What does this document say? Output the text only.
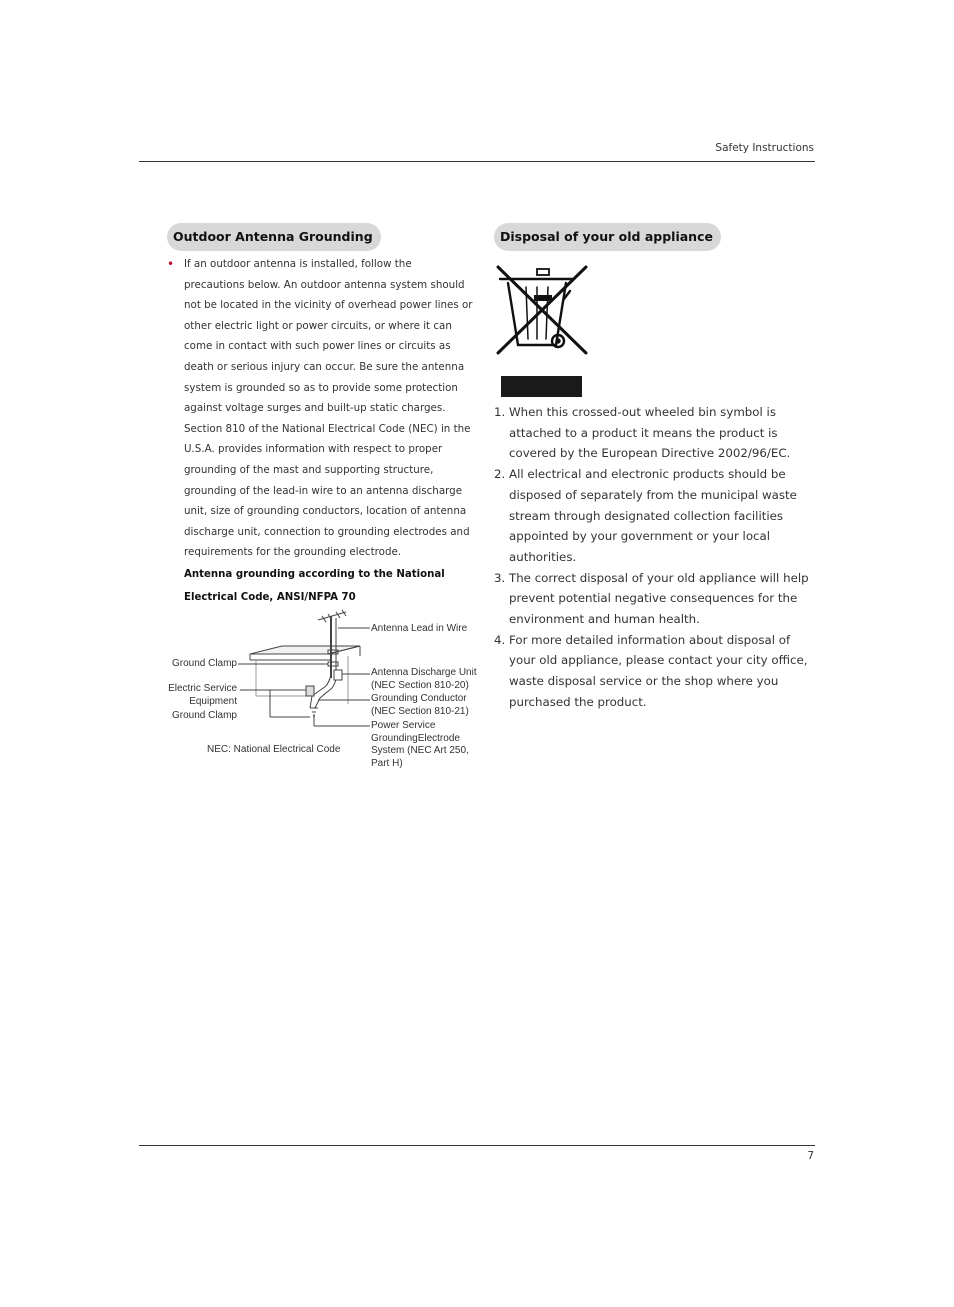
Safety Instructions
Outdoor Antenna Grounding
• If an outdoor antenna is installed, follow the precautions below. An outdoor antenna system should not be located in the vicinity of overhead power lines or other electric light or power circuits, or where it can come in contact with such power lines or circuits as death or serious injury can occur. Be sure the antenna system is grounded so as to provide some protection against voltage surges and built-up static charges. Section 810 of the National Electrical Code (NEC) in the U.S.A. provides information with respect to proper grounding of the mast and supporting structure, grounding of the lead-in wire to an antenna discharge unit, size of grounding conductors, location of antenna discharge unit, connection to grounding electrodes and requirements for the grounding electrode.
Antenna grounding according to the National Electrical Code, ANSI/NFPA 70
Ground Clamp
Electric Service
Equipment
Ground Clamp
NEC: National Electrical Code
Antenna Lead in Wire
Antenna Discharge Unit
(NEC Section 810-20)
Grounding Conductor
(NEC Section 810-21)
Power Service
GroundingElectrode
System (NEC Art 250,
Part H)
Disposal of your old appliance
1. When this crossed-out wheeled bin symbol is attached to a product it means the product is covered by the European Directive 2002/96/EC.
2. All electrical and electronic products should be disposed of separately from the municipal waste stream through designated collection facilities appointed by your government or your local authorities.
3. The correct disposal of your old appliance will help prevent potential negative consequences for the environment and human health.
4. For more detailed information about disposal of your old appliance, please contact your city office, waste disposal service or the shop where you purchased the product.
7
